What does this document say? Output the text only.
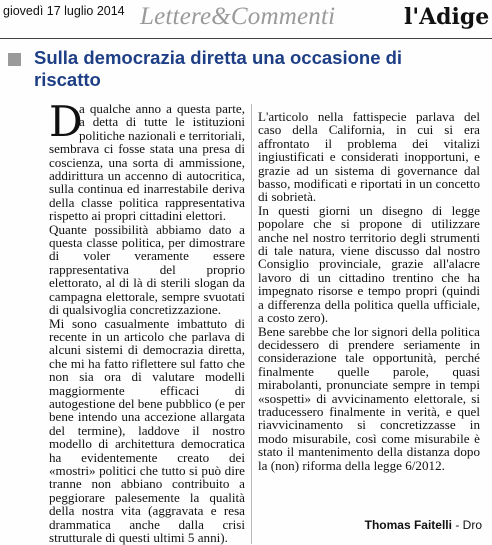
giovedì 17 luglio 2014 Lettere&Commenti	l'Adige
Sulla democrazia diretta una occasione di riscatto

D
a qualche anno a questa parte, a detta di tutte le istituzioni politiche nazionali e territoriali, sembrava ci fosse stata una presa di coscienza, una sorta di ammissione, addirittura un accenno di autocritica, sulla continua ed inarrestabile deriva della classe politica rappresentativa rispetto ai propri cittadini elettori.

Quante possibilità abbiamo dato a questa classe politica, per dimostrare di voler veramente essere rappresentativa del proprio elettorato, al di là di sterili slogan da campagna elettorale, sempre svuotati di qualsivoglia concretizzazione.

Mi sono casualmente imbattuto di recente in un articolo che parlava di alcuni sistemi di democrazia diretta, che mi ha fatto riflettere sul fatto che non sia ora di valutare modelli maggiormente efficaci di autogestione del bene pubblico (e per bene intendo una accezione allargata del termine), laddove il nostro modello di architettura democratica ha evidentemente creato dei «mostri» politici che tutto si può dire tranne non abbiano contribuito a peggiorare palesemente la qualità della nostra vita (aggravata e resa drammatica anche dalla crisi strutturale di questi ultimi 5 anni).

L'articolo nella fattispecie parlava del caso della California, in cui si era affrontato il problema dei vitalizi ingiustificati e considerati inopportuni, e grazie ad un sistema di governance dal basso, modificati e riportati in un concetto di sobrietà.

In questi giorni un disegno di legge popolare che si propone di utilizzare anche nel nostro territorio degli strumenti di tale natura, viene discusso dal nostro Consiglio provinciale, grazie all'alacre lavoro di un cittadino trentino che ha impegnato risorse e tempo propri (quindi a differenza della politica quella ufficiale, a costo zero).

Bene sarebbe che lor signori della politica decidessero di prendere seriamente in considerazione tale opportunità, perché finalmente quelle parole, quasi mirabolanti, pronunciate sempre in tempi «sospetti» di avvicinamento elettorale, si traducessero finalmente in verità, e quel riavvicinamento si concretizzasse in modo misurabile, così come misurabile è stato il mantenimento della distanza dopo la (non) riforma della legge 6/2012.

Thomas Faitelli - Dro
